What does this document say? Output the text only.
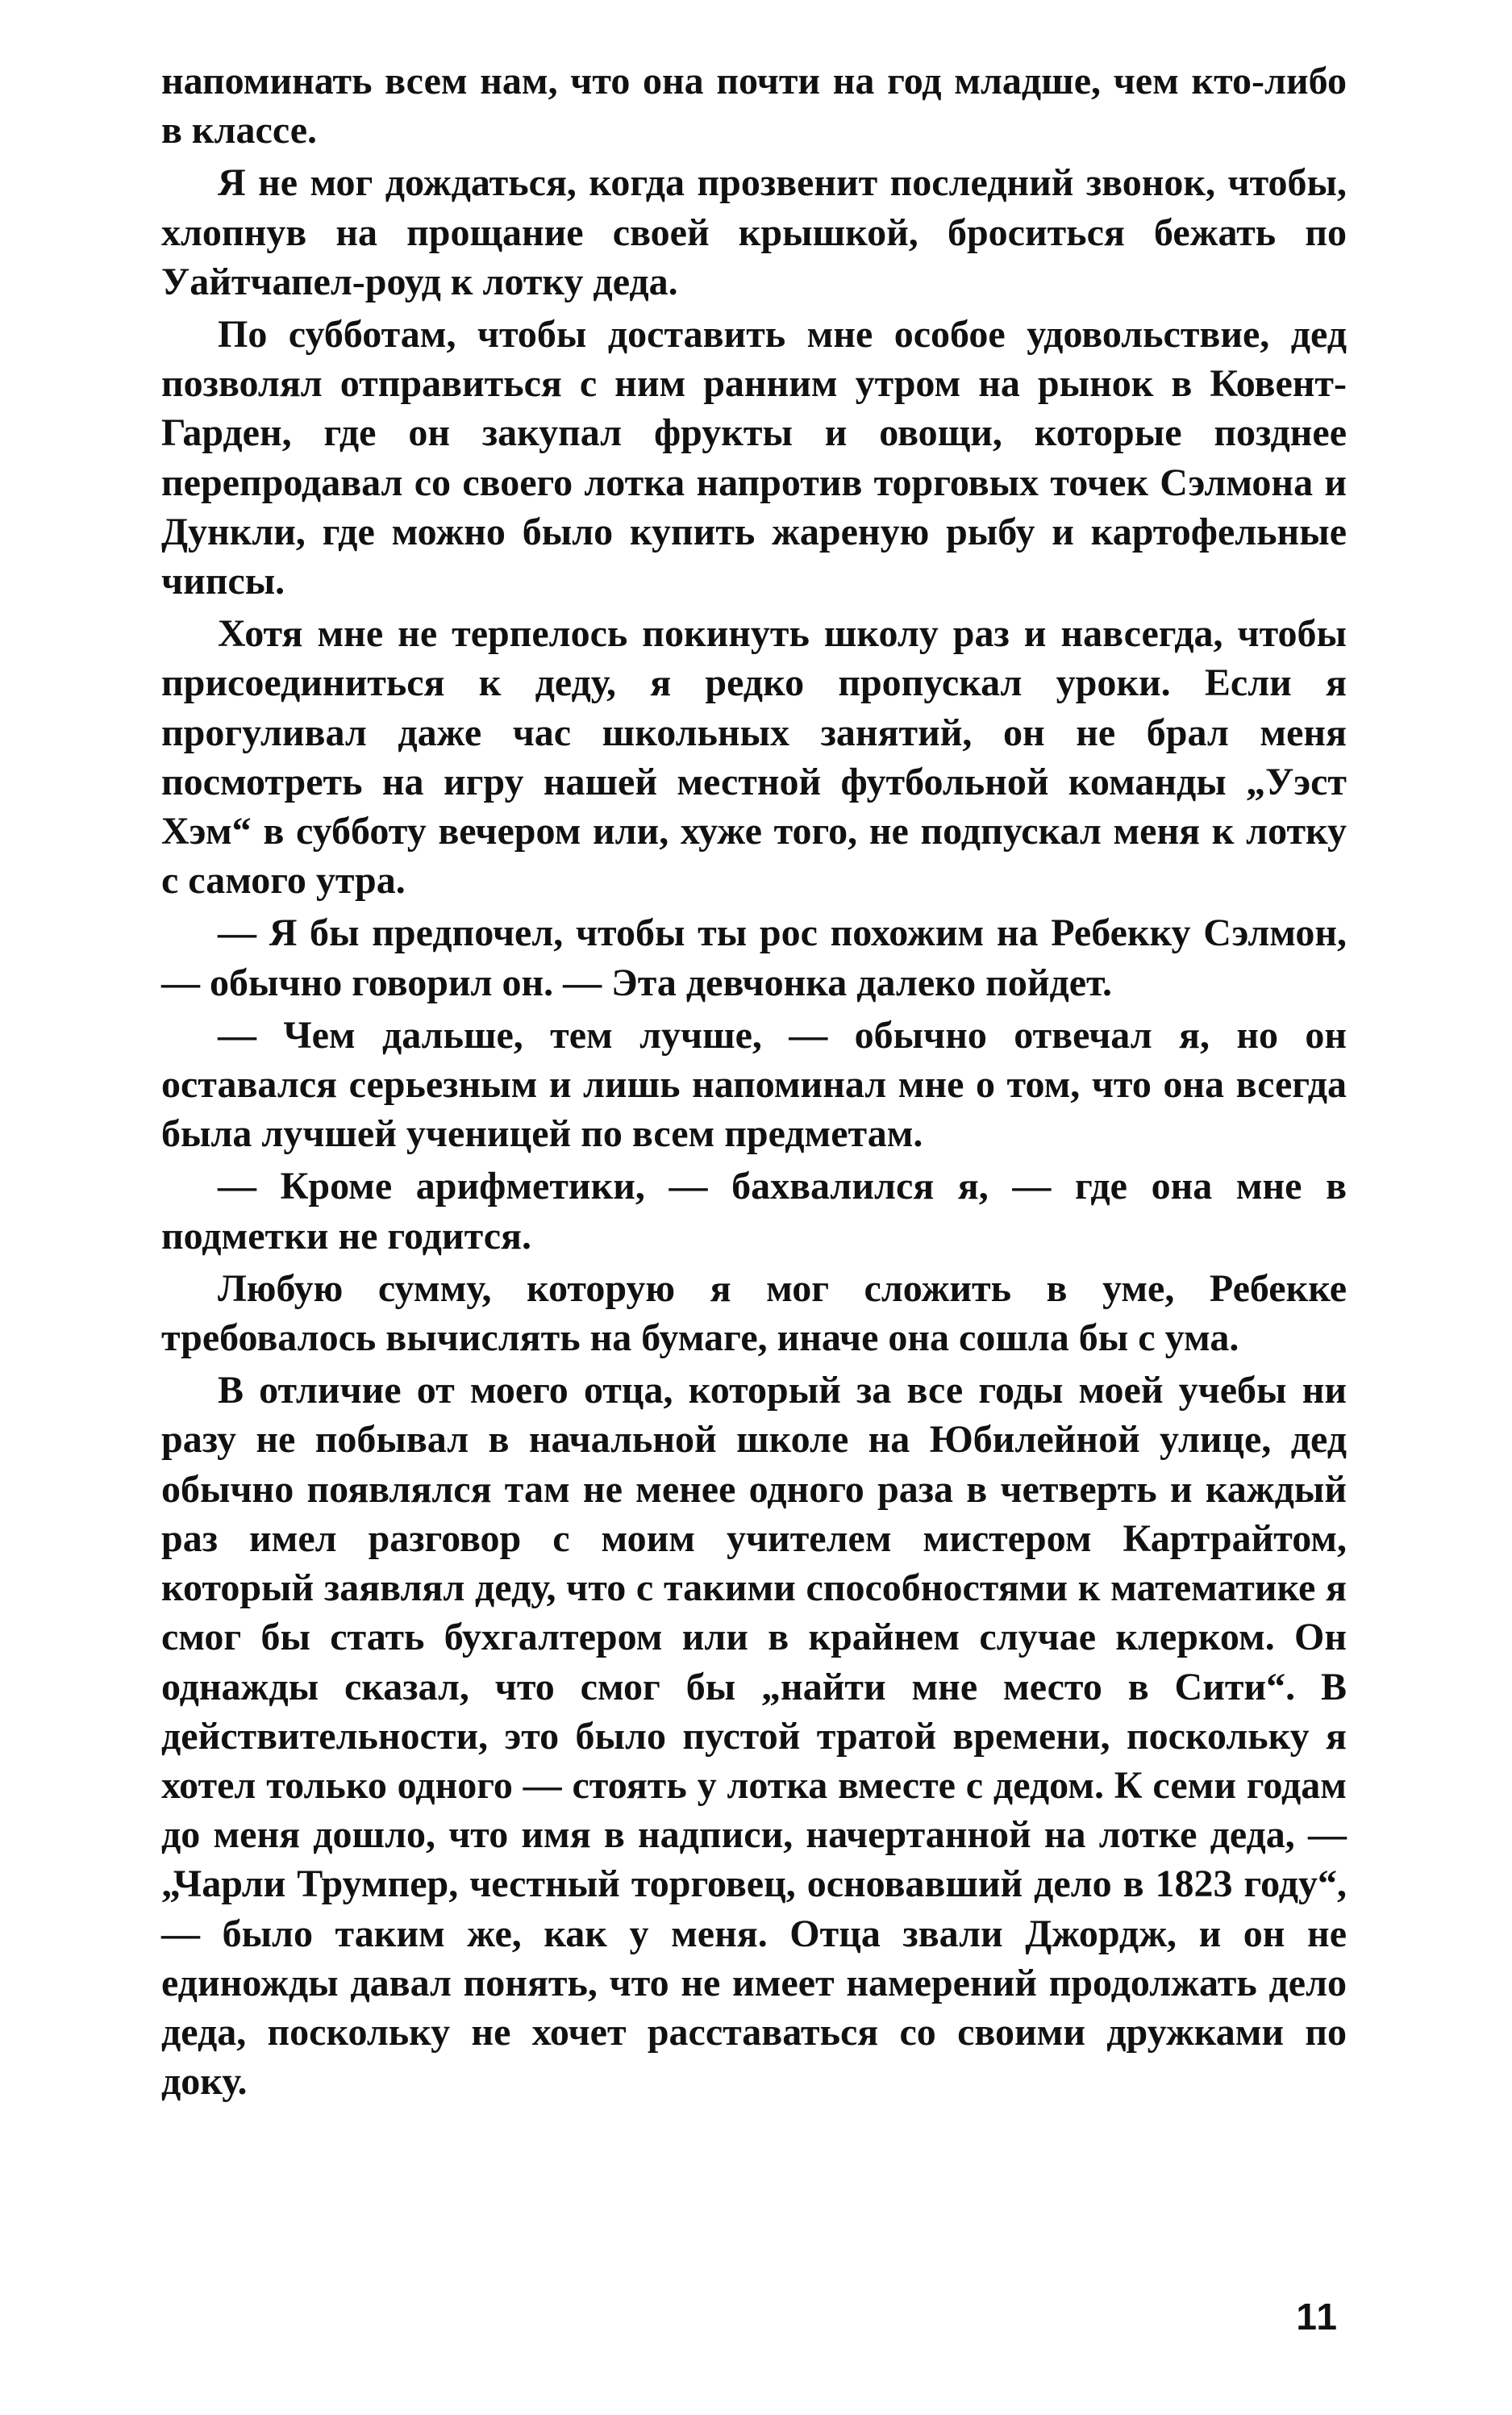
напоминать всем нам, что она почти на год младше, чем кто-либо в классе.

Я не мог дождаться, когда прозвенит последний звонок, чтобы, хлопнув на прощание своей крышкой, броситься бежать по Уайтчапел-роуд к лотку деда.

По субботам, чтобы доставить мне особое удовольствие, дед позволял отправиться с ним ранним утром на рынок в Ковент-Гарден, где он закупал фрукты и овощи, которые позднее перепродавал со своего лотка напротив торговых точек Сэлмона и Дункли, где можно было купить жареную рыбу и картофельные чипсы.

Хотя мне не терпелось покинуть школу раз и навсегда, чтобы присоединиться к деду, я редко пропускал уроки. Если я прогуливал даже час школьных занятий, он не брал меня посмотреть на игру нашей местной футбольной команды „Уэст Хэм“ в субботу вечером или, хуже того, не подпускал меня к лотку с самого утра.

— Я бы предпочел, чтобы ты рос похожим на Ребекку Сэлмон, — обычно говорил он. — Эта девчонка далеко пойдет.

— Чем дальше, тем лучше, — обычно отвечал я, но он оставался серьезным и лишь напоминал мне о том, что она всегда была лучшей ученицей по всем предметам.

— Кроме арифметики, — бахвалился я, — где она мне в подметки не годится.

Любую сумму, которую я мог сложить в уме, Ребекке требовалось вычислять на бумаге, иначе она сошла бы с ума.

В отличие от моего отца, который за все годы моей учебы ни разу не побывал в начальной школе на Юбилейной улице, дед обычно появлялся там не менее одного раза в четверть и каждый раз имел разговор с моим учителем мистером Картрайтом, который заявлял деду, что с такими способностями к математике я смог бы стать бухгалтером или в крайнем случае клерком. Он однажды сказал, что смог бы „найти мне место в Сити“. В действительности, это было пустой тратой времени, поскольку я хотел только одного — стоять у лотка вместе с дедом. К семи годам до меня дошло, что имя в надписи, начертанной на лотке деда, — „Чарли Трумпер, честный торговец, основавший дело в 1823 году“, — было таким же, как у меня. Отца звали Джордж, и он не единожды давал понять, что не имеет намерений продолжать дело деда, поскольку не хочет расставаться со своими дружками по доку.

11
